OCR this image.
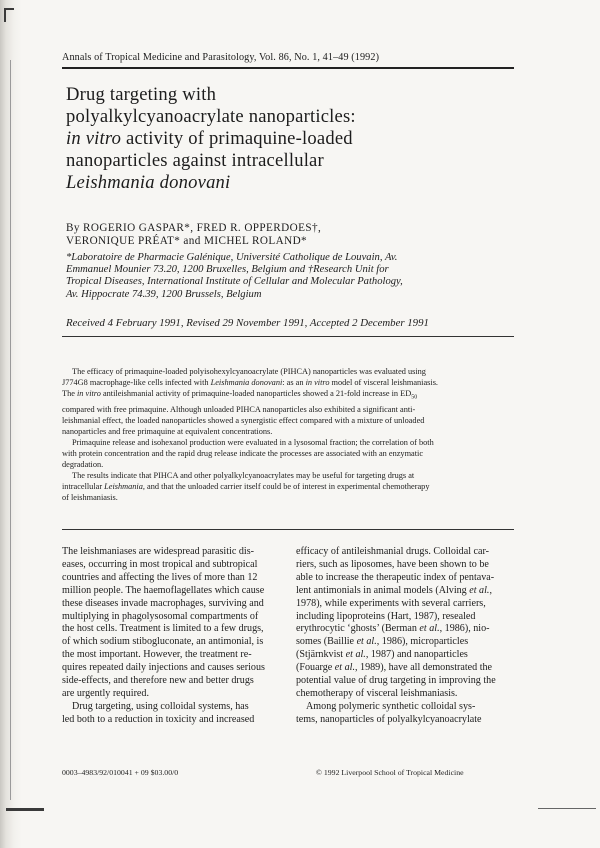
Annals of Tropical Medicine and Parasitology, Vol. 86, No. 1, 41–49 (1992)
Drug targeting with
polyalkylcyanoacrylate nanoparticles:
in vitro activity of primaquine-loaded
nanoparticles against intracellular
Leishmania donovani
By ROGERIO GASPAR*, FRED R. OPPERDOES†,
VERONIQUE PRÉAT* and MICHEL ROLAND*
*Laboratoire de Pharmacie Galénique, Université Catholique de Louvain, Av.
Emmanuel Mounier 73.20, 1200 Bruxelles, Belgium and †Research Unit for
Tropical Diseases, International Institute of Cellular and Molecular Pathology,
Av. Hippocrate 74.39, 1200 Brussels, Belgium
Received 4 February 1991, Revised 29 November 1991, Accepted 2 December 1991
The efficacy of primaquine-loaded polyisohexylcyanoacrylate (PIHCA) nanoparticles was evaluated using
J774G8 macrophage-like cells infected with Leishmania donovani: as an in vitro model of visceral leishmaniasis.
The in vitro antileishmanial activity of primaquine-loaded nanoparticles showed a 21-fold increase in $ED_{50}$
compared with free primaquine. Although unloaded PIHCA nanoparticles also exhibited a significant anti-
leishmanial effect, the loaded nanoparticles showed a synergistic effect compared with a mixture of unloaded
nanoparticles and free primaquine at equivalent concentrations.
Primaquine release and isohexanol production were evaluated in a lysosomal fraction; the correlation of both
with protein concentration and the rapid drug release indicate the processes are associated with an enzymatic
degradation.
The results indicate that PIHCA and other polyalkylcyanoacrylates may be useful for targeting drugs at
intracellular Leishmania, and that the unloaded carrier itself could be of interest in experimental chemotherapy
of leishmaniasis.
The leishmaniases are widespread parasitic dis-
eases, occurring in most tropical and subtropical
countries and affecting the lives of more than 12
million people. The haemoflagellates which cause
these diseases invade macrophages, surviving and
multiplying in phagolysosomal compartments of
the host cells. Treatment is limited to a few drugs,
of which sodium stibogluconate, an antimonial, is
the most important. However, the treatment re-
quires repeated daily injections and causes serious
side-effects, and therefore new and better drugs
are urgently required.
Drug targeting, using colloidal systems, has
led both to a reduction in toxicity and increased
efficacy of antileishmanial drugs. Colloidal car-
riers, such as liposomes, have been shown to be
able to increase the therapeutic index of pentava-
lent antimonials in animal models (Alving et al.,
1978), while experiments with several carriers,
including lipoproteins (Hart, 1987), resealed
erythrocytic ‘ghosts’ (Berman et al., 1986), nio-
somes (Baillie et al., 1986), microparticles
(Stjärnkvist et al., 1987) and nanoparticles
(Fouarge et al., 1989), have all demonstrated the
potential value of drug targeting in improving the
chemotherapy of visceral leishmaniasis.
Among polymeric synthetic colloidal sys-
tems, nanoparticles of polyalkylcyanoacrylate
0003–4983/92/010041 + 09 $03.00/0	© 1992 Liverpool School of Tropical Medicine
